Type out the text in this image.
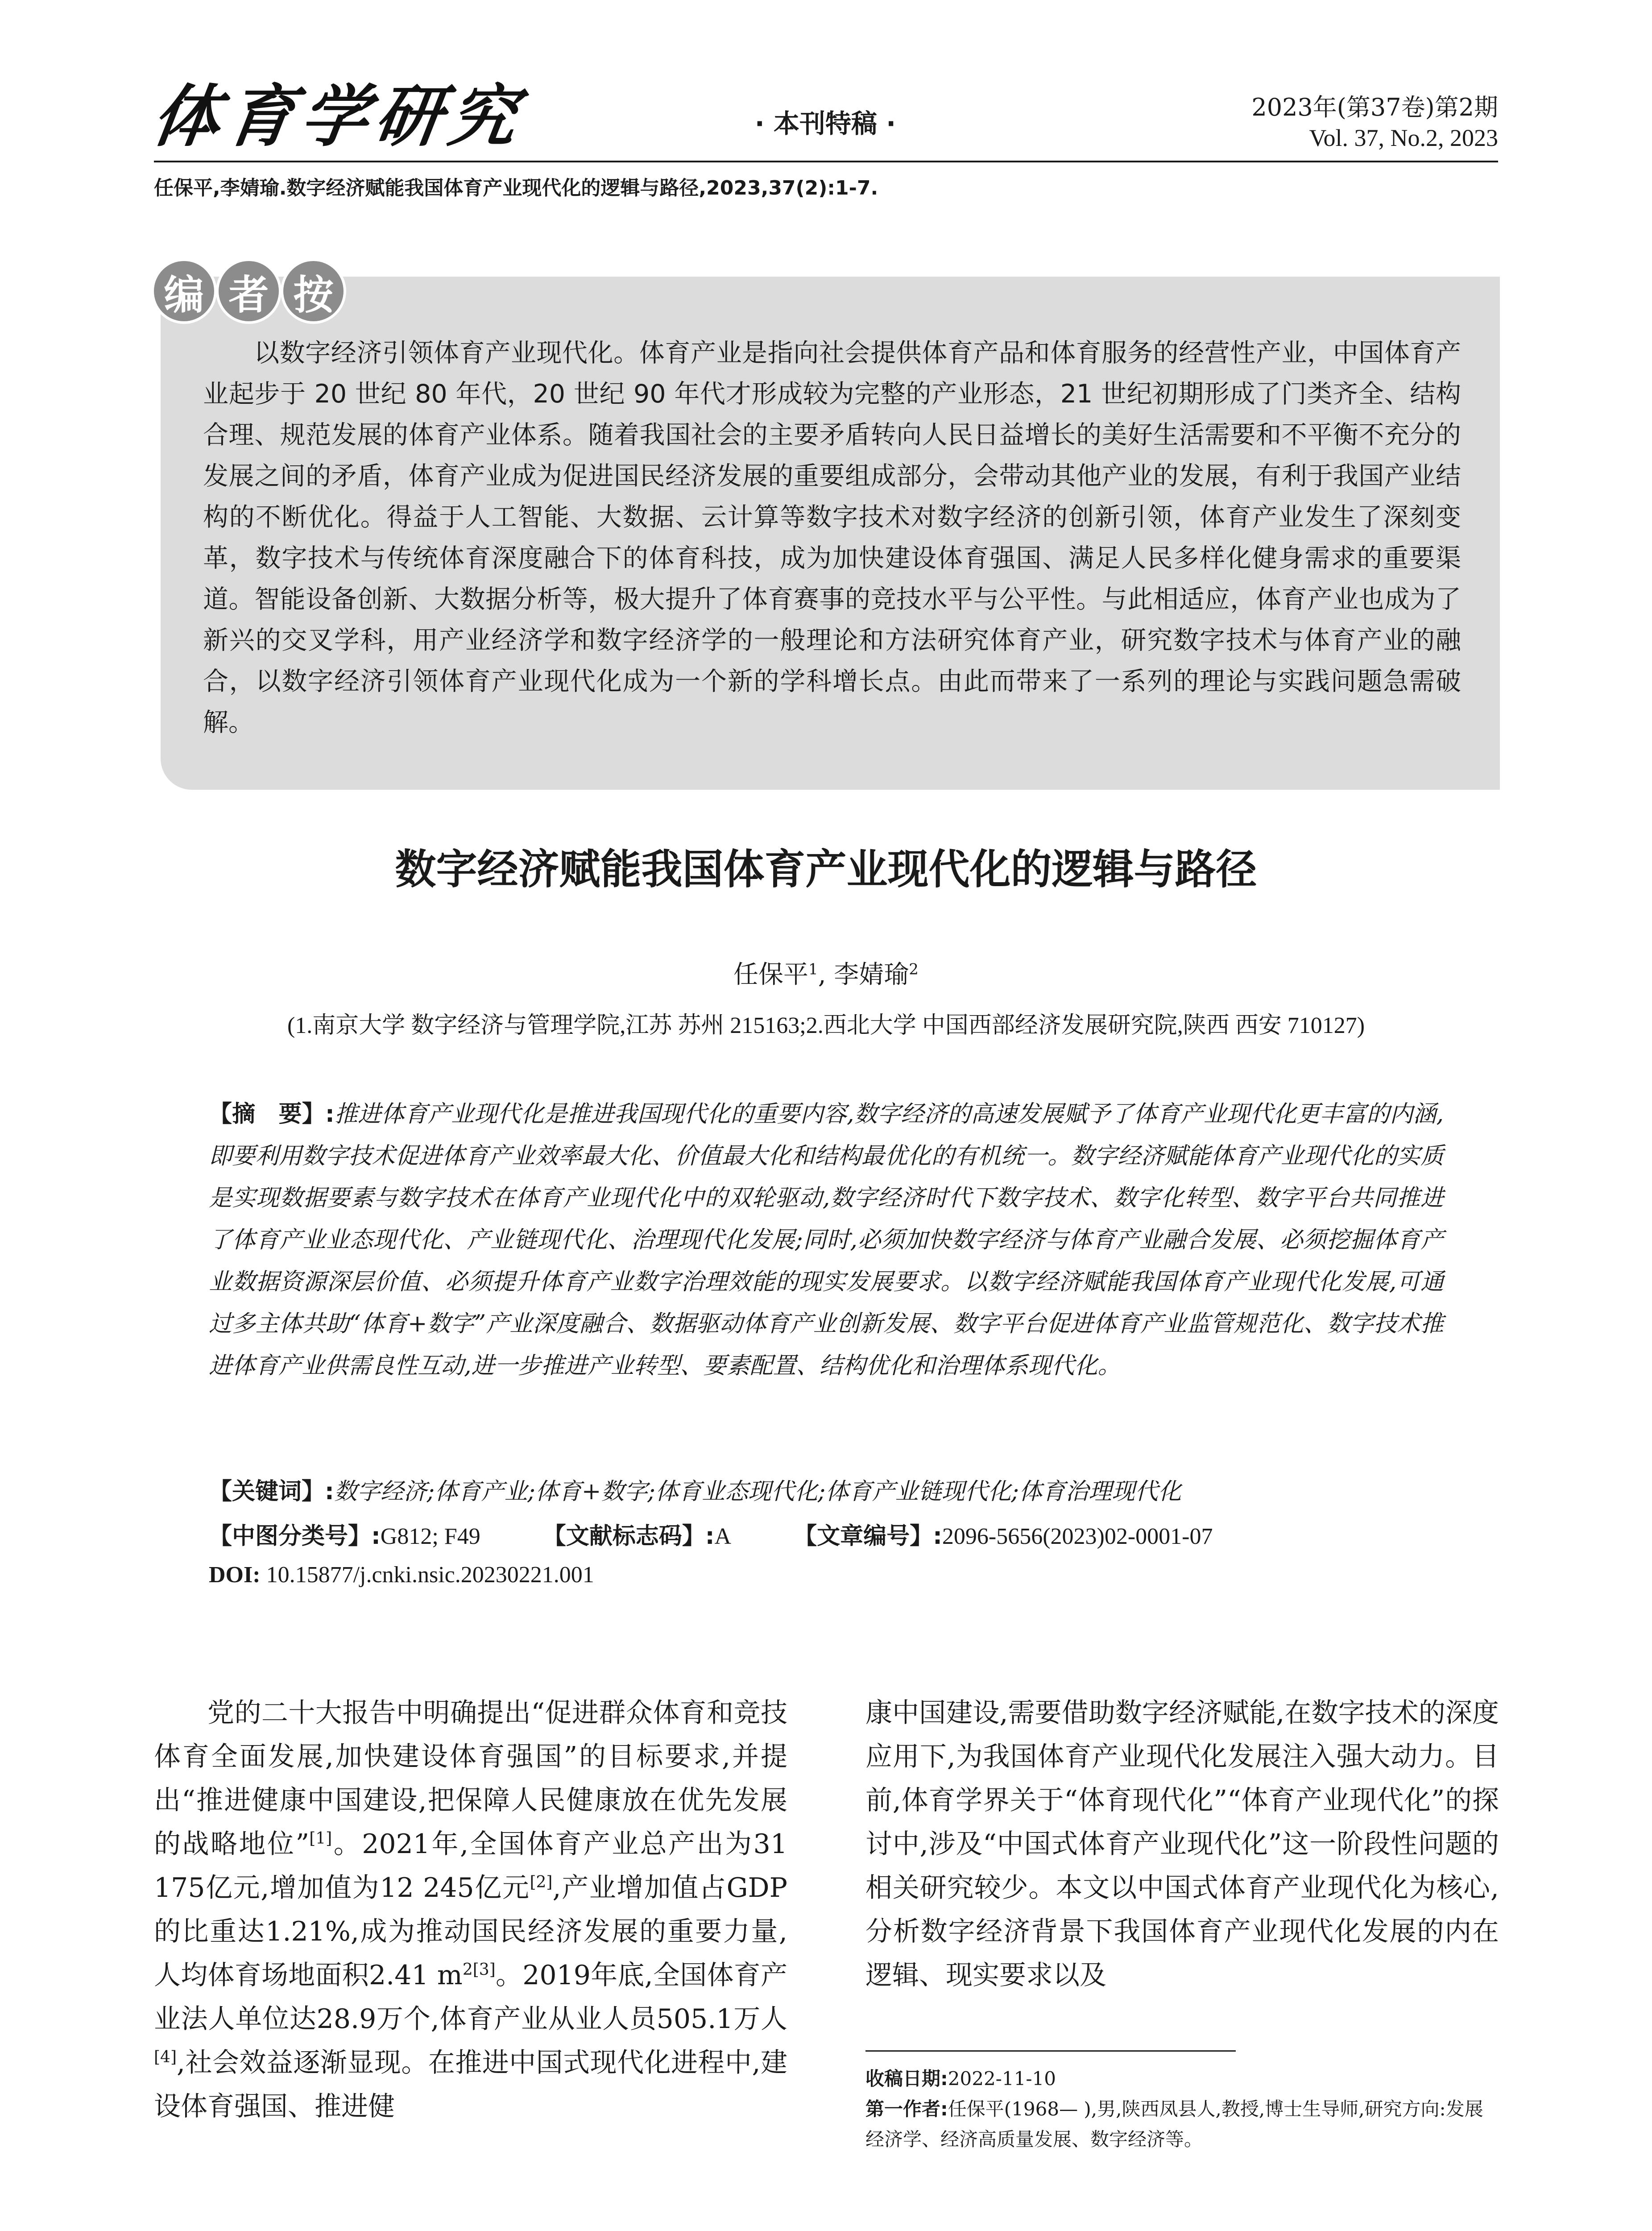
体育学研究	· 本刊特稿 ·
2023年(第37卷)第2期
Vol. 37, No.2, 2023
任保平,李婧瑜.数字经济赋能我国体育产业现代化的逻辑与路径,2023,37(2):1-7.
编 者 按
以数字经济引领体育产业现代化。体育产业是指向社会提供体育产品和体育服务的经营性产业，中国体育产业起步于 20 世纪 80 年代，20 世纪 90 年代才形成较为完整的产业形态，21 世纪初期形成了门类齐全、结构合理、规范发展的体育产业体系。随着我国社会的主要矛盾转向人民日益增长的美好生活需要和不平衡不充分的发展之间的矛盾，体育产业成为促进国民经济发展的重要组成部分，会带动其他产业的发展，有利于我国产业结构的不断优化。得益于人工智能、大数据、云计算等数字技术对数字经济的创新引领，体育产业发生了深刻变革，数字技术与传统体育深度融合下的体育科技，成为加快建设体育强国、满足人民多样化健身需求的重要渠道。智能设备创新、大数据分析等，极大提升了体育赛事的竞技水平与公平性。与此相适应，体育产业也成为了新兴的交叉学科，用产业经济学和数字经济学的一般理论和方法研究体育产业，研究数字技术与体育产业的融合，以数字经济引领体育产业现代化成为一个新的学科增长点。由此而带来了一系列的理论与实践问题急需破解。
数字经济赋能我国体育产业现代化的逻辑与路径
任保平$^1$, 李婧瑜$^2$
(1.南京大学 数字经济与管理学院,江苏 苏州 215163;2.西北大学 中国西部经济发展研究院,陕西 西安 710127)
【摘　要】:推进体育产业现代化是推进我国现代化的重要内容,数字经济的高速发展赋予了体育产业现代化更丰富的内涵,即要利用数字技术促进体育产业效率最大化、价值最大化和结构最优化的有机统一。数字经济赋能体育产业现代化的实质是实现数据要素与数字技术在体育产业现代化中的双轮驱动,数字经济时代下数字技术、数字化转型、数字平台共同推进了体育产业业态现代化、产业链现代化、治理现代化发展;同时,必须加快数字经济与体育产业融合发展、必须挖掘体育产业数据资源深层价值、必须提升体育产业数字治理效能的现实发展要求。以数字经济赋能我国体育产业现代化发展,可通过多主体共助“体育+数字”产业深度融合、数据驱动体育产业创新发展、数字平台促进体育产业监管规范化、数字技术推进体育产业供需良性互动,进一步推进产业转型、要素配置、结构优化和治理体系现代化。
【关键词】:数字经济;体育产业;体育+数字;体育业态现代化;体育产业链现代化;体育治理现代化
【中图分类号】:G812; F49	【文献标志码】:A	【文章编号】:2096-5656(2023)02-0001-07
DOI: 10.15877/j.cnki.nsic.20230221.001
党的二十大报告中明确提出“促进群众体育和竞技体育全面发展,加快建设体育强国”的目标要求,并提出“推进健康中国建设,把保障人民健康放在优先发展的战略地位”[1]。2021年,全国体育产业总产出为31 175亿元,增加值为12 245亿元[2],产业增加值占GDP的比重达1.21%,成为推动国民经济发展的重要力量,人均体育场地面积2.41 $m^{2[3]}$。2019年底,全国体育产业法人单位达28.9万个,体育产业从业人员505.1万人[4],社会效益逐渐显现。在推进中国式现代化进程中,建设体育强国、推进健
康中国建设,需要借助数字经济赋能,在数字技术的深度应用下,为我国体育产业现代化发展注入强大动力。目前,体育学界关于“体育现代化”“体育产业现代化”的探讨中,涉及“中国式体育产业现代化”这一阶段性问题的相关研究较少。本文以中国式体育产业现代化为核心,分析数字经济背景下我国体育产业现代化发展的内在逻辑、现实要求以及
收稿日期:2022-11-10
第一作者:任保平(1968— ),男,陕西凤县人,教授,博士生导师,研究方向:发展经济学、经济高质量发展、数字经济等。
